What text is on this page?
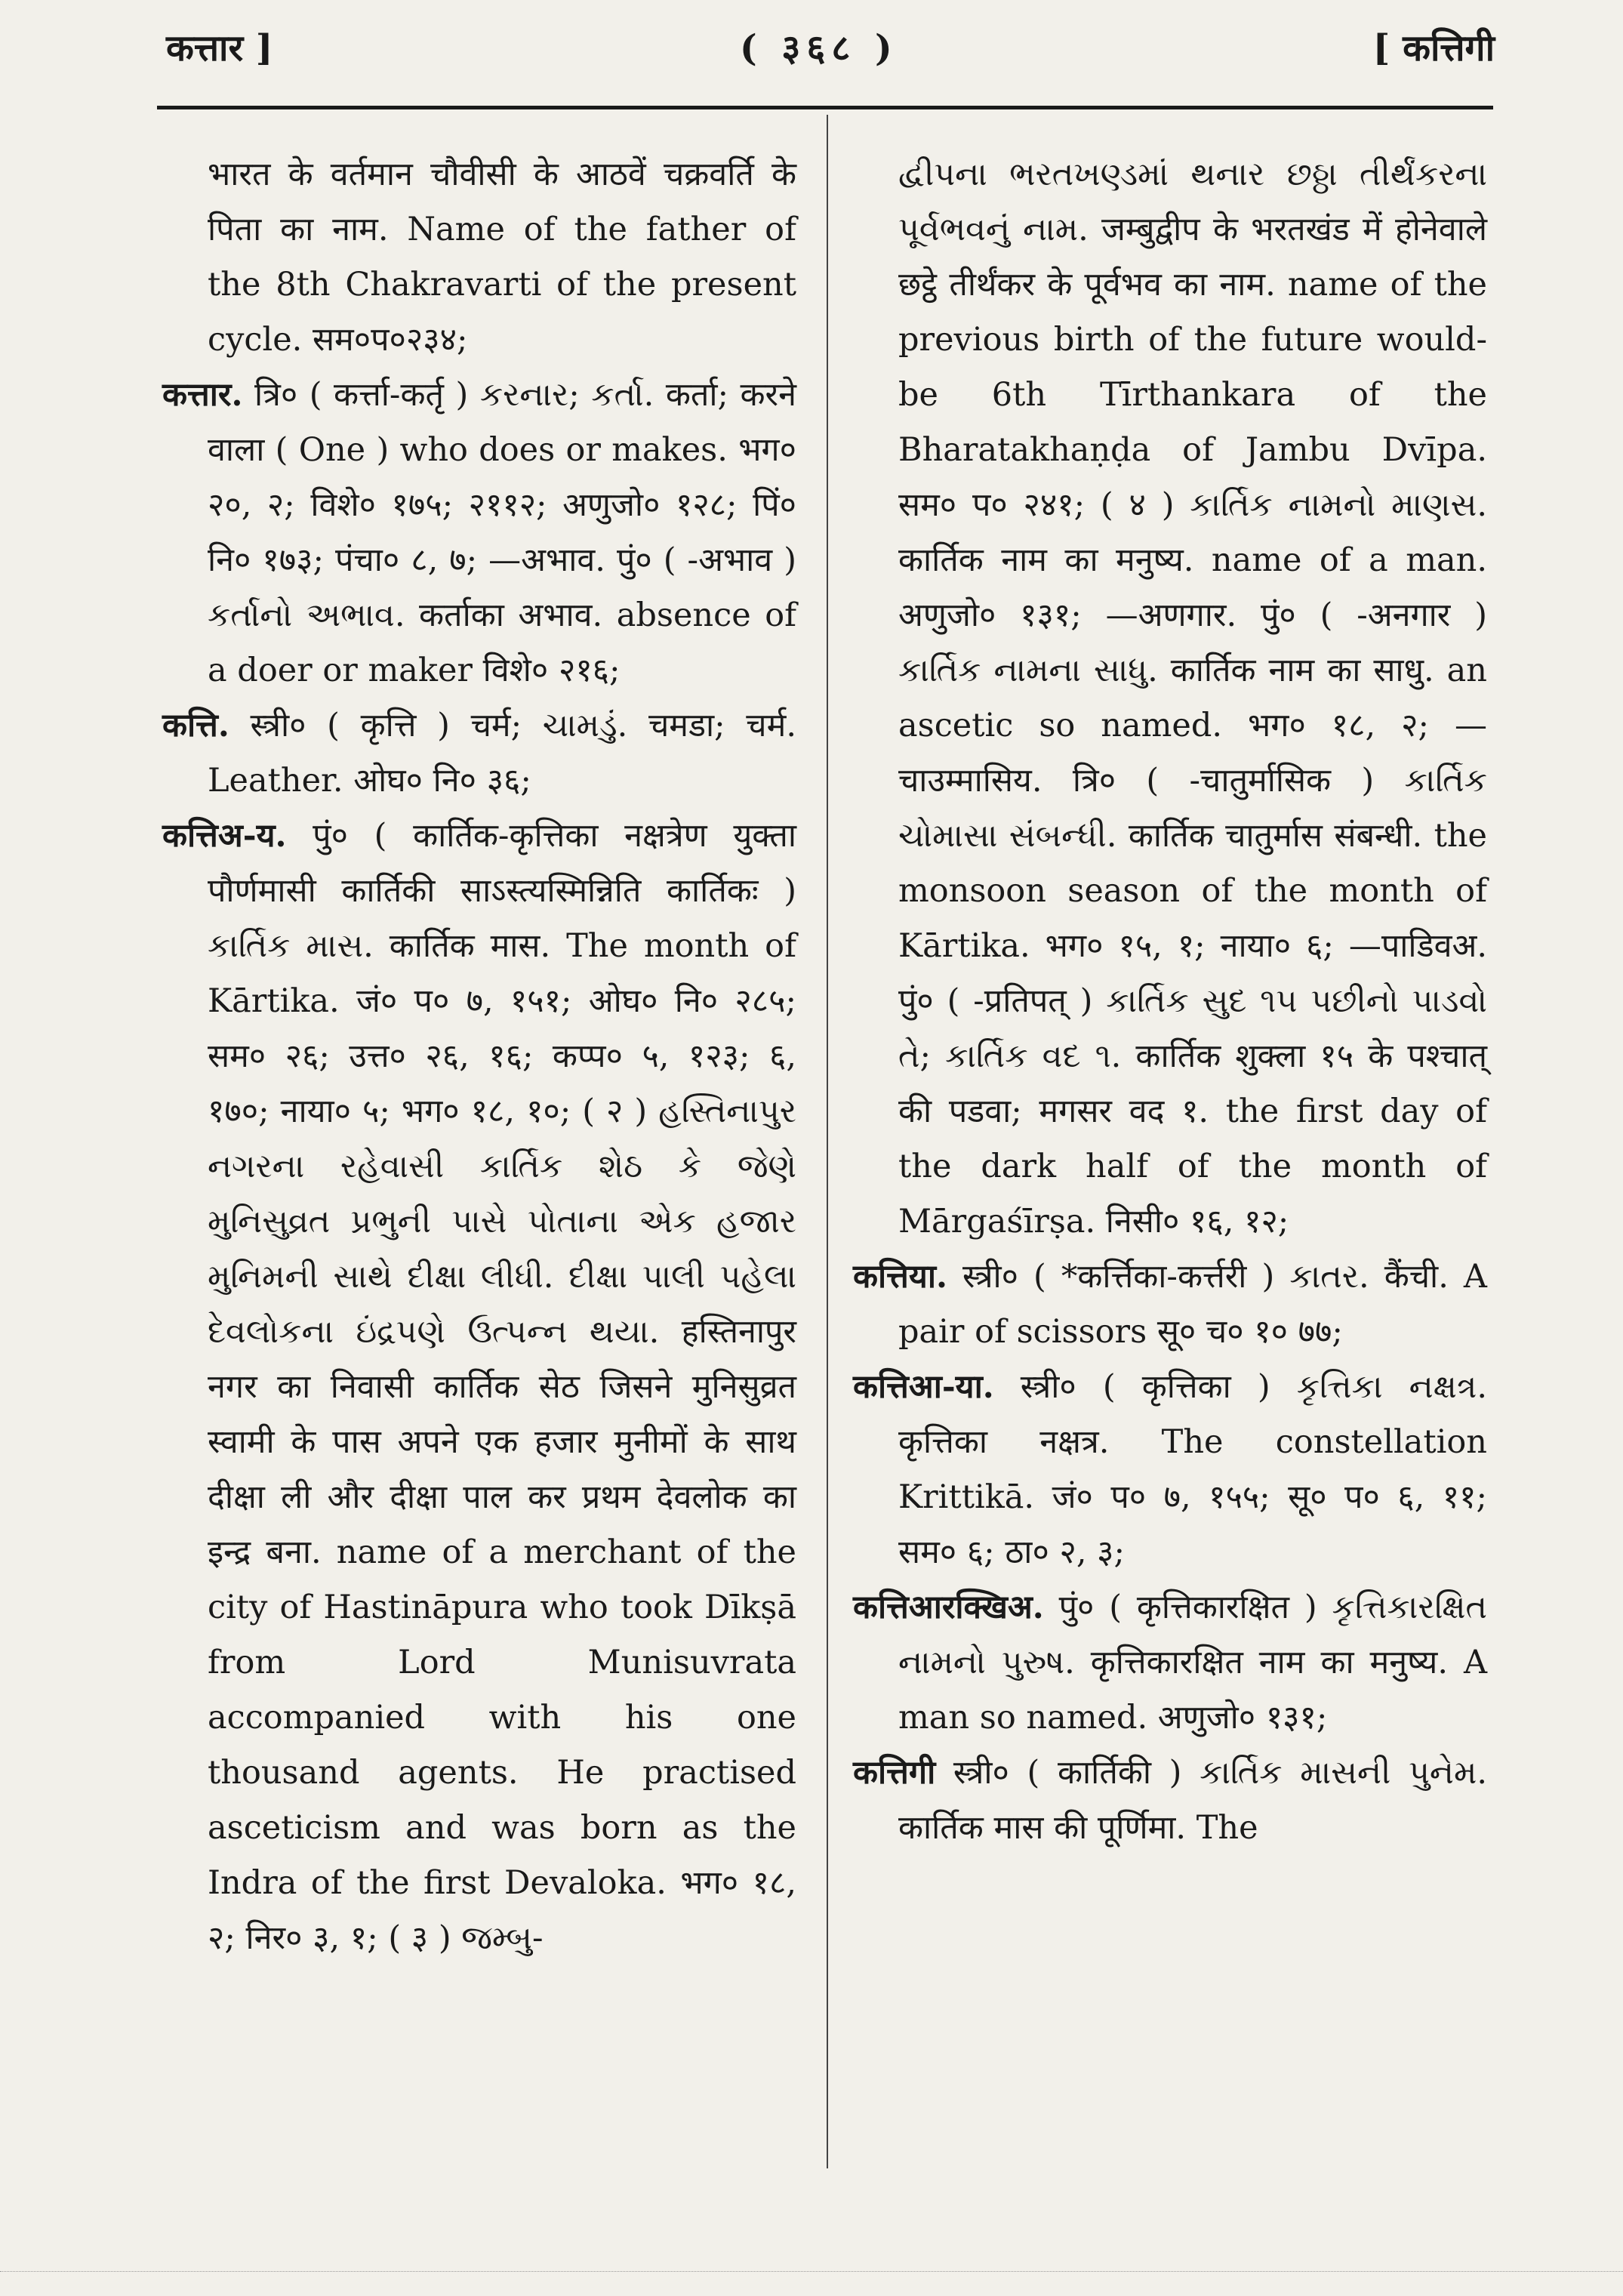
कत्तार ]	( ३६८ )	[ कत्तिगी

भारत के वर्तमान चौवीसी के आठवें चक्रवर्ति के पिता का नाम. Name of the father of the 8th Chakravarti of the present cycle. सम०प०२३४;

कत्तार. त्रि० ( कर्त्ता-कर्तृ ) કરનાર; કર્તા. कर्ता; करने वाला ( One ) who does or makes. भग० २०, २; विशे० १७५; २११२; अणुजो० १२८; पिं० नि० १७३; पंचा० ८, ७; —अभाव. पुं० ( -अभाव ) કર્તાનો અભાવ. कर्ताका अभाव. absence of a doer or maker विशे० २१६;

कत्ति. स्त्री० ( कृत्ति ) चर्म; ચામડું. चमडा; चर्म. Leather. ओघ० नि० ३६;

कत्तिअ-य. पुं० ( कार्तिक-कृत्तिका नक्षत्रेण युक्ता पौर्णमासी कार्तिकी साऽस्त्यस्मिन्निति कार्तिकः ) કાર્તિક માસ. कार्तिक मास. The month of Kārtika. जं० प० ७, १५१; ओघ० नि० २८५; सम० २६; उत्त० २६, १६; कप्प० ५, १२३; ६, १७०; नाया० ५; भग० १८, १०; ( २ ) હસ્તિનાપુર નગરના રહેવાસી કાર્તિક શેઠ કે જેણે મુનિસુવ્રત પ્રભુની પાસે પોતાના એક હજાર મુનિમની સાથે દીક્ષા લીધી. દીક્ષા પાલી પહેલા દેવલોકના ઇંદ્રપણે ઉત્પન્ન થયા. हस्तिनापुर नगर का निवासी कार्तिक सेठ जिसने मुनिसुव्रत स्वामी के पास अपने एक हजार मुनीमों के साथ दीक्षा ली और दीक्षा पाल कर प्रथम देवलोक का इन्द्र बना. name of a merchant of the city of Hastināpura who took Dīkṣā from Lord Munisuvrata accompanied with his one thousand agents. He practised asceticism and was born as the Indra of the first Devaloka. भग० १८, २; निर० ३, १; ( ३ ) જમ્બુ-

દ્વીપના ભરતખણ્ડમાં થનાર છઠ્ઠા તીર્થંકરના પૂર્વભવનું નામ. जम्बुद्वीप के भरतखंड में होनेवाले छट्ठे तीर्थंकर के पूर्वभव का नाम. name of the previous birth of the future would-be 6th Tīrthankara of the Bharatakhaṇḍa of Jambu Dvīpa. सम० प० २४१; ( ४ ) કાર્તિક નામનો માણસ. कार्तिक नाम का मनुष्य. name of a man. अणुजो० १३१; —अणगार. पुं० ( -अनगार ) કાર્તિક નામના સાધુ. कार्तिक नाम का साधु. an ascetic so named. भग० १८, २; —चाउम्मासिय. त्रि० ( -चातुर्मासिक ) કાર્તિક ચોમાસા સંબન્ધી. कार्तिक चातुर्मास संबन्धी. the monsoon season of the month of Kārtika. भग० १५, १; नाया० ६; —पाडिवअ. पुं० ( -प्रतिपत् ) કાર્તિક સુદ ૧૫ પછીનો પાડવો તે; કાર્તિક વદ ૧. कार्तिक शुक्ला १५ के पश्चात् की पडवा; मगसर वद १. the first day of the dark half of the month of Mārgaśīrṣa. निसी० १६, १२;

कत्तिया. स्त्री० ( *कर्त्तिका-कर्त्तरी ) કાતર. कैंची. A pair of scissors सू० च० १० ७७;

कत्तिआ-या. स्त्री० ( कृत्तिका ) કૃત્તિકા નક્ષત્ર. कृत्तिका नक्षत्र. The constellation Krittikā. जं० प० ७, १५५; सू० प० ६, ११; सम० ६; ठा० २, ३;

कत्तिआरक्खिअ. पुं० ( कृत्तिकारक्षित ) કૃત્તિકારક્ષિત નામનો પુરુષ. कृत्तिकारक्षित नाम का मनुष्य. A man so named. अणुजो० १३१;

कत्तिगी स्त्री० ( कार्तिकी ) કાર્તિક માસની પુનેમ. कार्तिक मास की पूर्णिमा. The
